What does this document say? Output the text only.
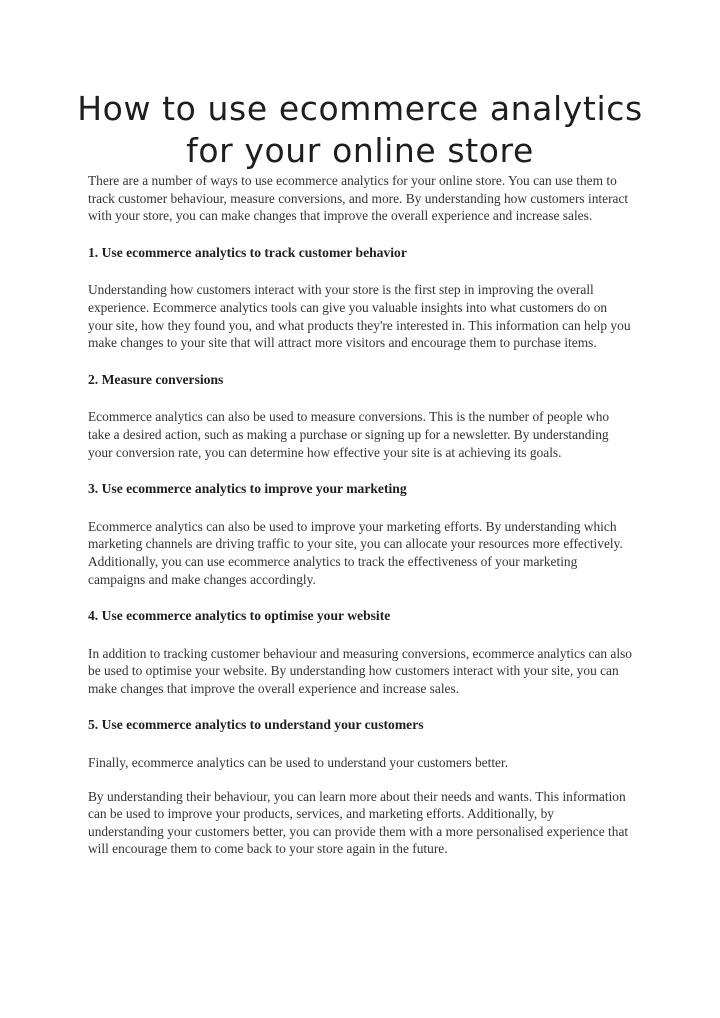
How to use ecommerce analytics for your online store

There are a number of ways to use ecommerce analytics for your online store. You can use them to track customer behaviour, measure conversions, and more. By understanding how customers interact with your store, you can make changes that improve the overall experience and increase sales.

1. Use ecommerce analytics to track customer behavior

Understanding how customers interact with your store is the first step in improving the overall experience. Ecommerce analytics tools can give you valuable insights into what customers do on your site, how they found you, and what products they're interested in. This information can help you make changes to your site that will attract more visitors and encourage them to purchase items.

2. Measure conversions

Ecommerce analytics can also be used to measure conversions. This is the number of people who take a desired action, such as making a purchase or signing up for a newsletter. By understanding your conversion rate, you can determine how effective your site is at achieving its goals.

3. Use ecommerce analytics to improve your marketing

Ecommerce analytics can also be used to improve your marketing efforts. By understanding which marketing channels are driving traffic to your site, you can allocate your resources more effectively. Additionally, you can use ecommerce analytics to track the effectiveness of your marketing campaigns and make changes accordingly.

4. Use ecommerce analytics to optimise your website

In addition to tracking customer behaviour and measuring conversions, ecommerce analytics can also be used to optimise your website. By understanding how customers interact with your site, you can make changes that improve the overall experience and increase sales.

5. Use ecommerce analytics to understand your customers

Finally, ecommerce analytics can be used to understand your customers better.

By understanding their behaviour, you can learn more about their needs and wants. This information can be used to improve your products, services, and marketing efforts. Additionally, by understanding your customers better, you can provide them with a more personalised experience that will encourage them to come back to your store again in the future.
